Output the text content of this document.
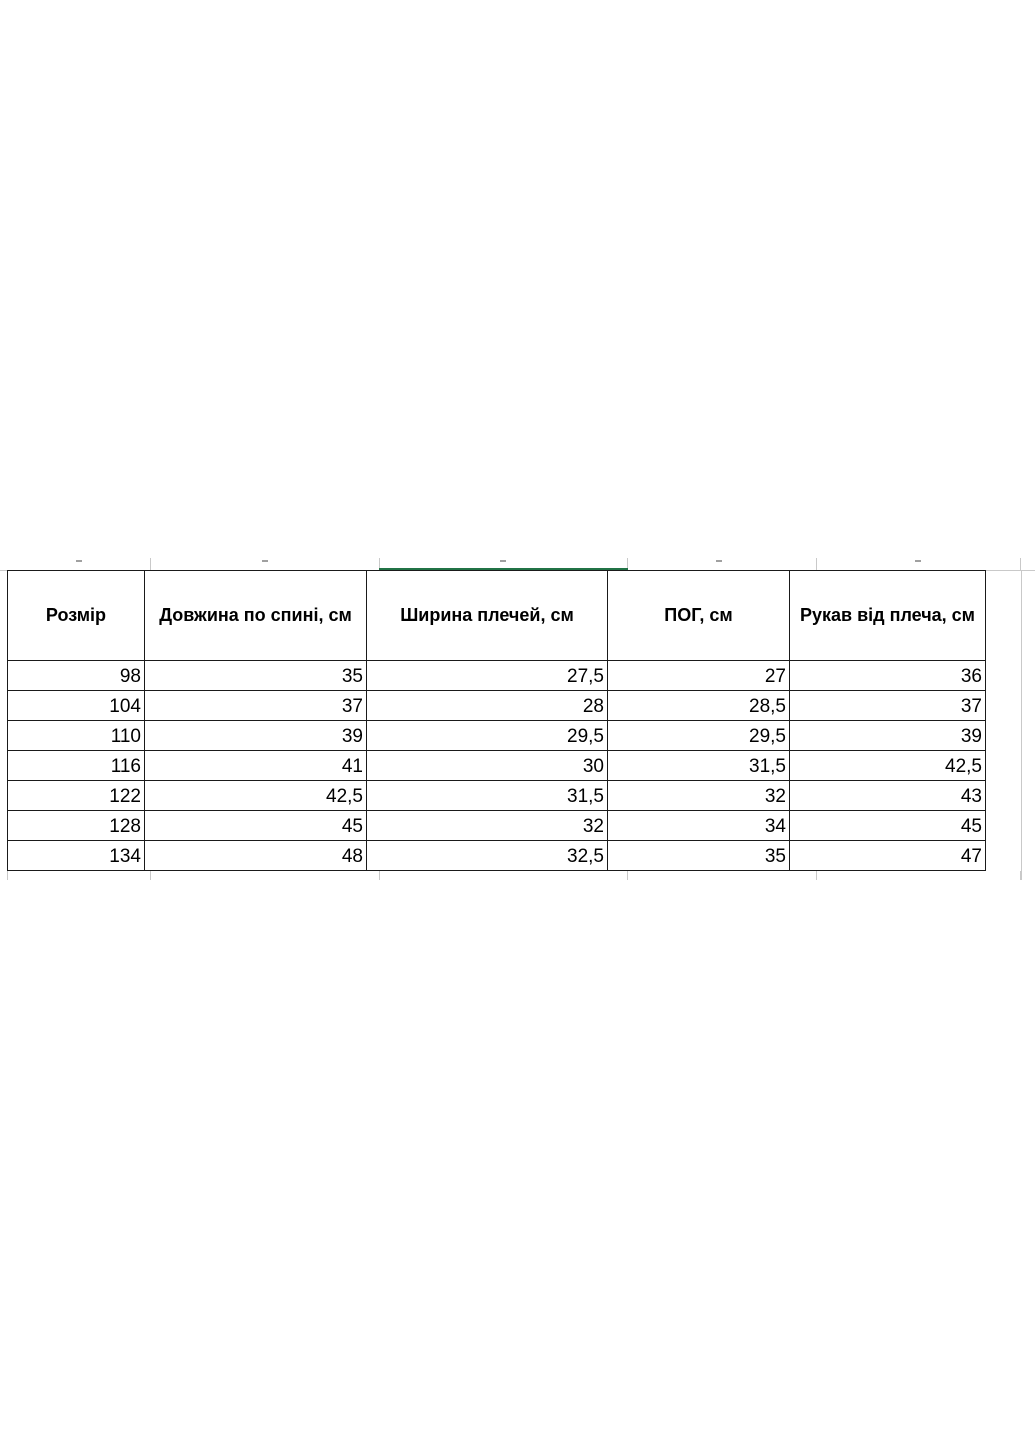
Розмір	Довжина по спині, см	Ширина плечей, см	ПОГ, см	Рукав від плеча, см
98	35	27,5	27	36
104	37	28	28,5	37
110	39	29,5	29,5	39
116	41	30	31,5	42,5
122	42,5	31,5	32	43
128	45	32	34	45
134	48	32,5	35	47
